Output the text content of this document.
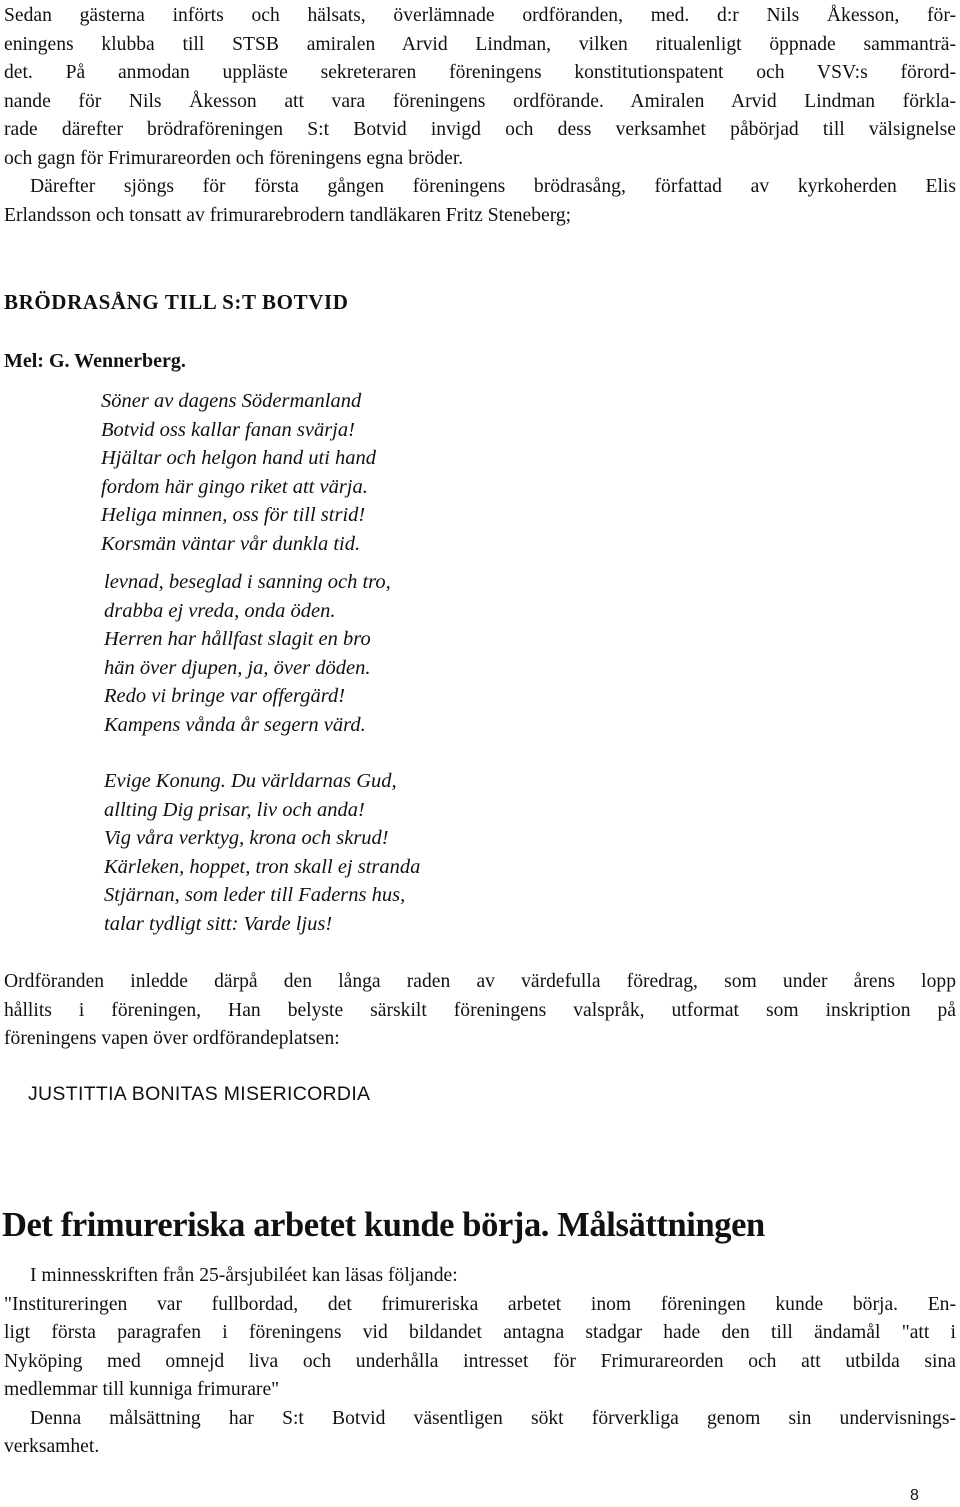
Sedan gästerna införts och hälsats, överlämnade ordföranden, med. d:r Nils Åkesson, för-
eningens klubba till STSB amiralen Arvid Lindman, vilken ritualenligt öppnade sammanträ-
det. På anmodan uppläste sekreteraren föreningens konstitutionspatent och VSV:s förord-
nande för Nils Åkesson att vara föreningens ordförande. Amiralen Arvid Lindman förkla-
rade därefter brödraföreningen S:t Botvid invigd och dess verksamhet påbörjad till välsignelse
och gagn för Frimurareorden och föreningens egna bröder.
Därefter sjöngs för första gången föreningens brödrasång, författad av kyrkoherden Elis
Erlandsson och tonsatt av frimurarebrodern tandläkaren Fritz Steneberg;

BRÖDRASÅNG TILL S:T BOTVID

Mel: G. Wennerberg.

Söner av dagens Södermanland
Botvid oss kallar fanan svärja!
Hjältar och helgon hand uti hand
fordom här gingo riket att värja.
Heliga minnen, oss för till strid!
Korsmän väntar vår dunkla tid.
levnad, beseglad i sanning och tro,
drabba ej vreda, onda öden.
Herren har hållfast slagit en bro
hän över djupen, ja, över döden.
Redo vi bringe var offergärd!
Kampens vånda år segern värd.
Evige Konung. Du världarnas Gud,
allting Dig prisar, liv och anda!
Vig våra verktyg, krona och skrud!
Kärleken, hoppet, tron skall ej stranda
Stjärnan, som leder till Faderns hus,
talar tydligt sitt: Varde ljus!
Ordföranden inledde därpå den långa raden av värdefulla föredrag, som under årens lopp
hållits i föreningen, Han belyste särskilt föreningens valspråk, utformat som inskription på
föreningens vapen över ordförandeplatsen:

JUSTITTIA BONITAS MISERICORDIA

Det frimureriska arbetet kunde börja. Målsättningen
I minnesskriften från 25-årsjubiléet kan läsas följande:
"Institureringen var fullbordad, det frimureriska arbetet inom föreningen kunde börja. En-
ligt första paragrafen i föreningens vid bildandet antagna stadgar hade den till ändamål "att i
Nyköping med omnejd liva och underhålla intresset för Frimurareorden och att utbilda sina
medlemmar till kunniga frimurare"
Denna målsättning har S:t Botvid väsentligen sökt förverkliga genom sin undervisnings-
verksamhet.

8
